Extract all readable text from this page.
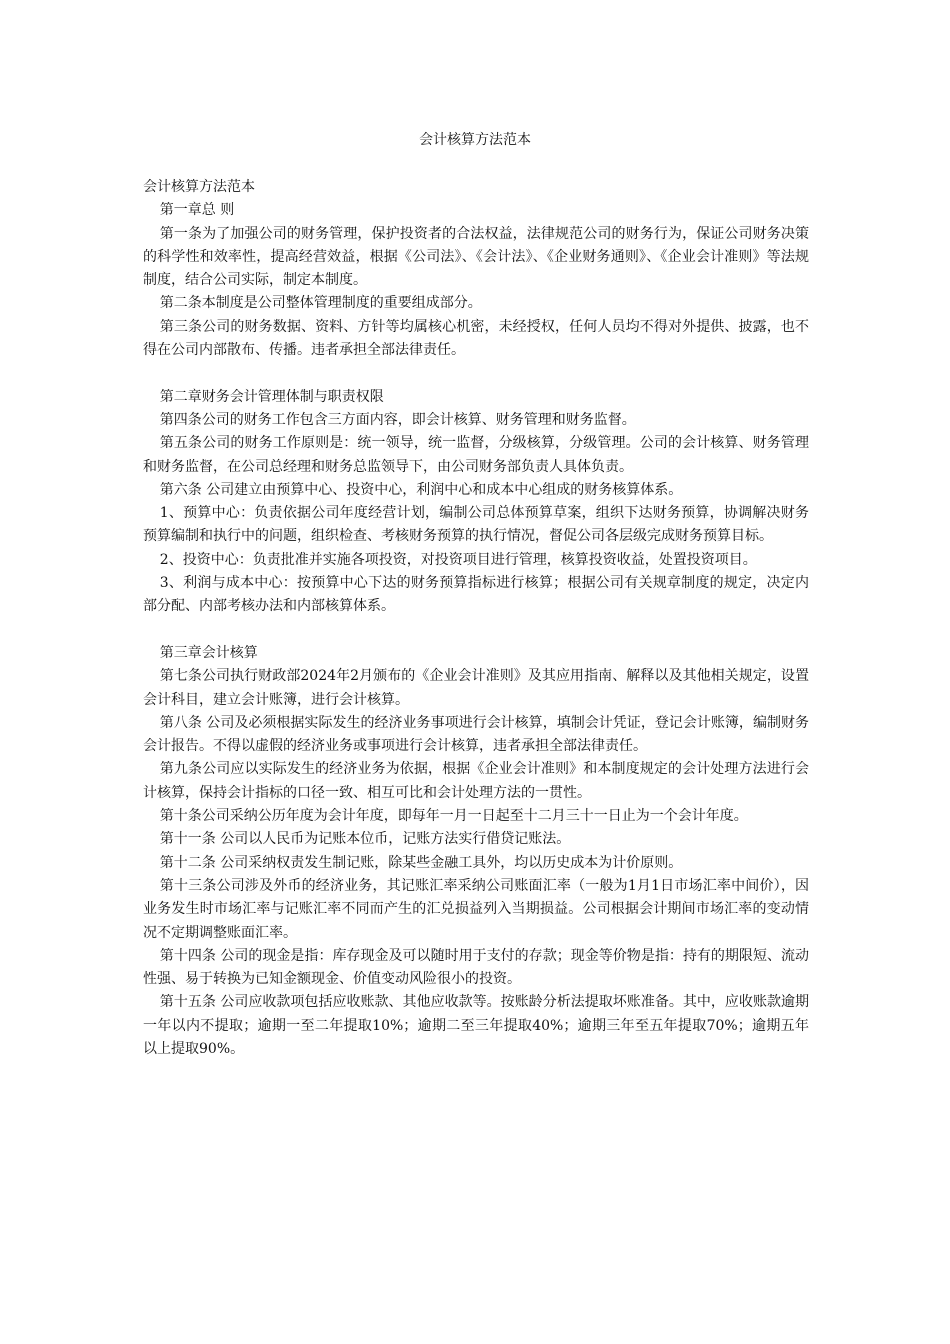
会计核算方法范本

会计核算方法范本

第一章总 则

第一条为了加强公司的财务管理，保护投资者的合法权益，法律规范公司的财务行为，保证公司财务决策的科学性和效率性，提高经营效益，根据《公司法》、《会计法》、《企业财务通则》、《企业会计准则》等法规制度，结合公司实际，制定本制度。

第二条本制度是公司整体管理制度的重要组成部分。

第三条公司的财务数据、资料、方针等均属核心机密，未经授权，任何人员均不得对外提供、披露，也不得在公司内部散布、传播。违者承担全部法律责任。

第二章财务会计管理体制与职责权限

第四条公司的财务工作包含三方面内容，即会计核算、财务管理和财务监督。

第五条公司的财务工作原则是：统一领导，统一监督，分级核算，分级管理。公司的会计核算、财务管理和财务监督，在公司总经理和财务总监领导下，由公司财务部负责人具体负责。

第六条 公司建立由预算中心、投资中心，利润中心和成本中心组成的财务核算体系。

1、预算中心：负责依据公司年度经营计划，编制公司总体预算草案，组织下达财务预算，协调解决财务预算编制和执行中的问题，组织检查、考核财务预算的执行情况，督促公司各层级完成财务预算目标。

2、投资中心：负责批准并实施各项投资，对投资项目进行管理，核算投资收益，处置投资项目。

3、利润与成本中心：按预算中心下达的财务预算指标进行核算；根据公司有关规章制度的规定，决定内部分配、内部考核办法和内部核算体系。

第三章会计核算

第七条公司执行财政部2024年2月颁布的《企业会计准则》及其应用指南、解释以及其他相关规定，设置会计科目，建立会计账簿，进行会计核算。

第八条 公司及必须根据实际发生的经济业务事项进行会计核算，填制会计凭证，登记会计账簿，编制财务会计报告。不得以虚假的经济业务或事项进行会计核算，违者承担全部法律责任。

第九条公司应以实际发生的经济业务为依据，根据《企业会计准则》和本制度规定的会计处理方法进行会计核算，保持会计指标的口径一致、相互可比和会计处理方法的一贯性。

第十条公司采纳公历年度为会计年度，即每年一月一日起至十二月三十一日止为一个会计年度。

第十一条 公司以人民币为记账本位币，记账方法实行借贷记账法。

第十二条 公司采纳权责发生制记账，除某些金融工具外，均以历史成本为计价原则。

第十三条公司涉及外币的经济业务，其记账汇率采纳公司账面汇率（一般为1月1日市场汇率中间价），因业务发生时市场汇率与记账汇率不同而产生的汇兑损益列入当期损益。公司根据会计期间市场汇率的变动情况不定期调整账面汇率。

第十四条 公司的现金是指：库存现金及可以随时用于支付的存款；现金等价物是指：持有的期限短、流动性强、易于转换为已知金额现金、价值变动风险很小的投资。

第十五条 公司应收款项包括应收账款、其他应收款等。按账龄分析法提取坏账准备。其中，应收账款逾期一年以内不提取；逾期一至二年提取10%；逾期二至三年提取40%；逾期三年至五年提取70%；逾期五年以上提取90%。
